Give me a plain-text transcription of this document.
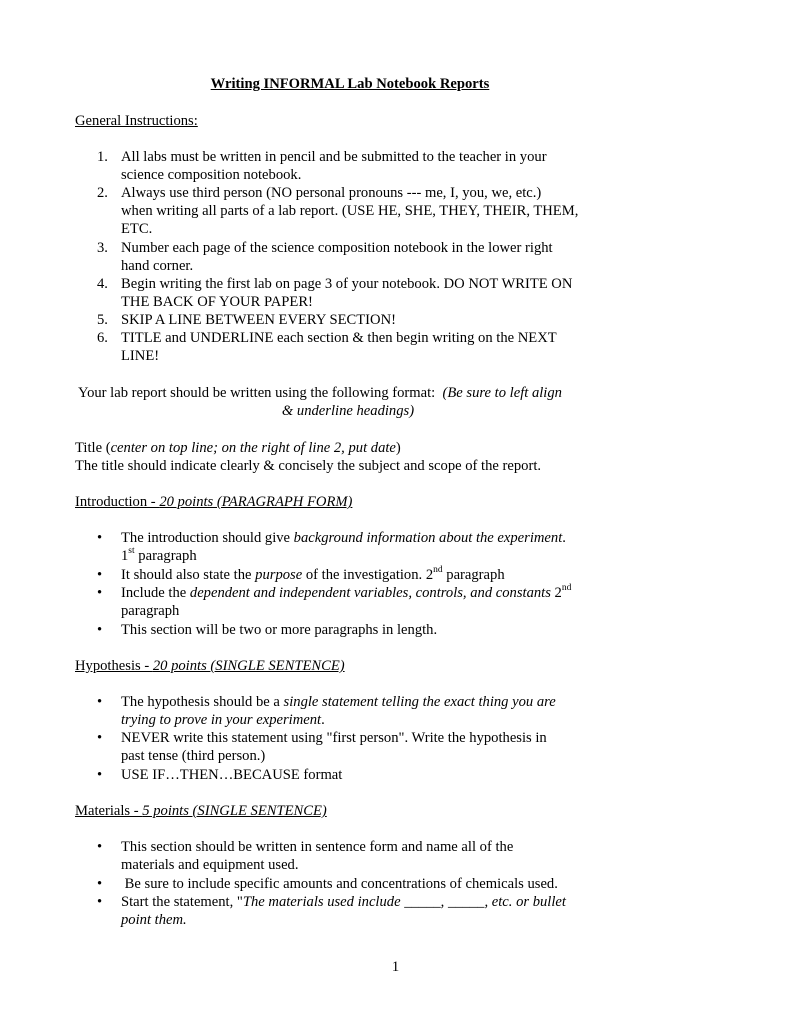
Writing INFORMAL Lab Notebook Reports
General Instructions:
1. All labs must be written in pencil and be submitted to the teacher in your
science composition notebook.
2. Always use third person (NO personal pronouns --- me, I, you, we, etc.)
when writing all parts of a lab report. (USE HE, SHE, THEY, THEIR, THEM,
ETC.
3. Number each page of the science composition notebook in the lower right
hand corner.
4. Begin writing the first lab on page 3 of your notebook. DO NOT WRITE ON
THE BACK OF YOUR PAPER!
5. SKIP A LINE BETWEEN EVERY SECTION!
6. TITLE and UNDERLINE each section & then begin writing on the NEXT
LINE!
Your lab report should be written using the following format: (Be sure to left align
& underline headings)
Title (center on top line; on the right of line 2, put date)
The title should indicate clearly & concisely the subject and scope of the report.
Introduction - 20 points (PARAGRAPH FORM)
• The introduction should give background information about the experiment.
1st paragraph
• It should also state the purpose of the investigation. 2nd paragraph
• Include the dependent and independent variables, controls, and constants 2nd
paragraph
• This section will be two or more paragraphs in length.
Hypothesis - 20 points (SINGLE SENTENCE)
• The hypothesis should be a single statement telling the exact thing you are
trying to prove in your experiment.
• NEVER write this statement using "first person". Write the hypothesis in
past tense (third person.)
• USE IF…THEN…BECAUSE format
Materials - 5 points (SINGLE SENTENCE)
• This section should be written in sentence form and name all of the
materials and equipment used.
• Be sure to include specific amounts and concentrations of chemicals used.
• Start the statement, "The materials used include _____, _____, etc. or bullet
point them.
1
